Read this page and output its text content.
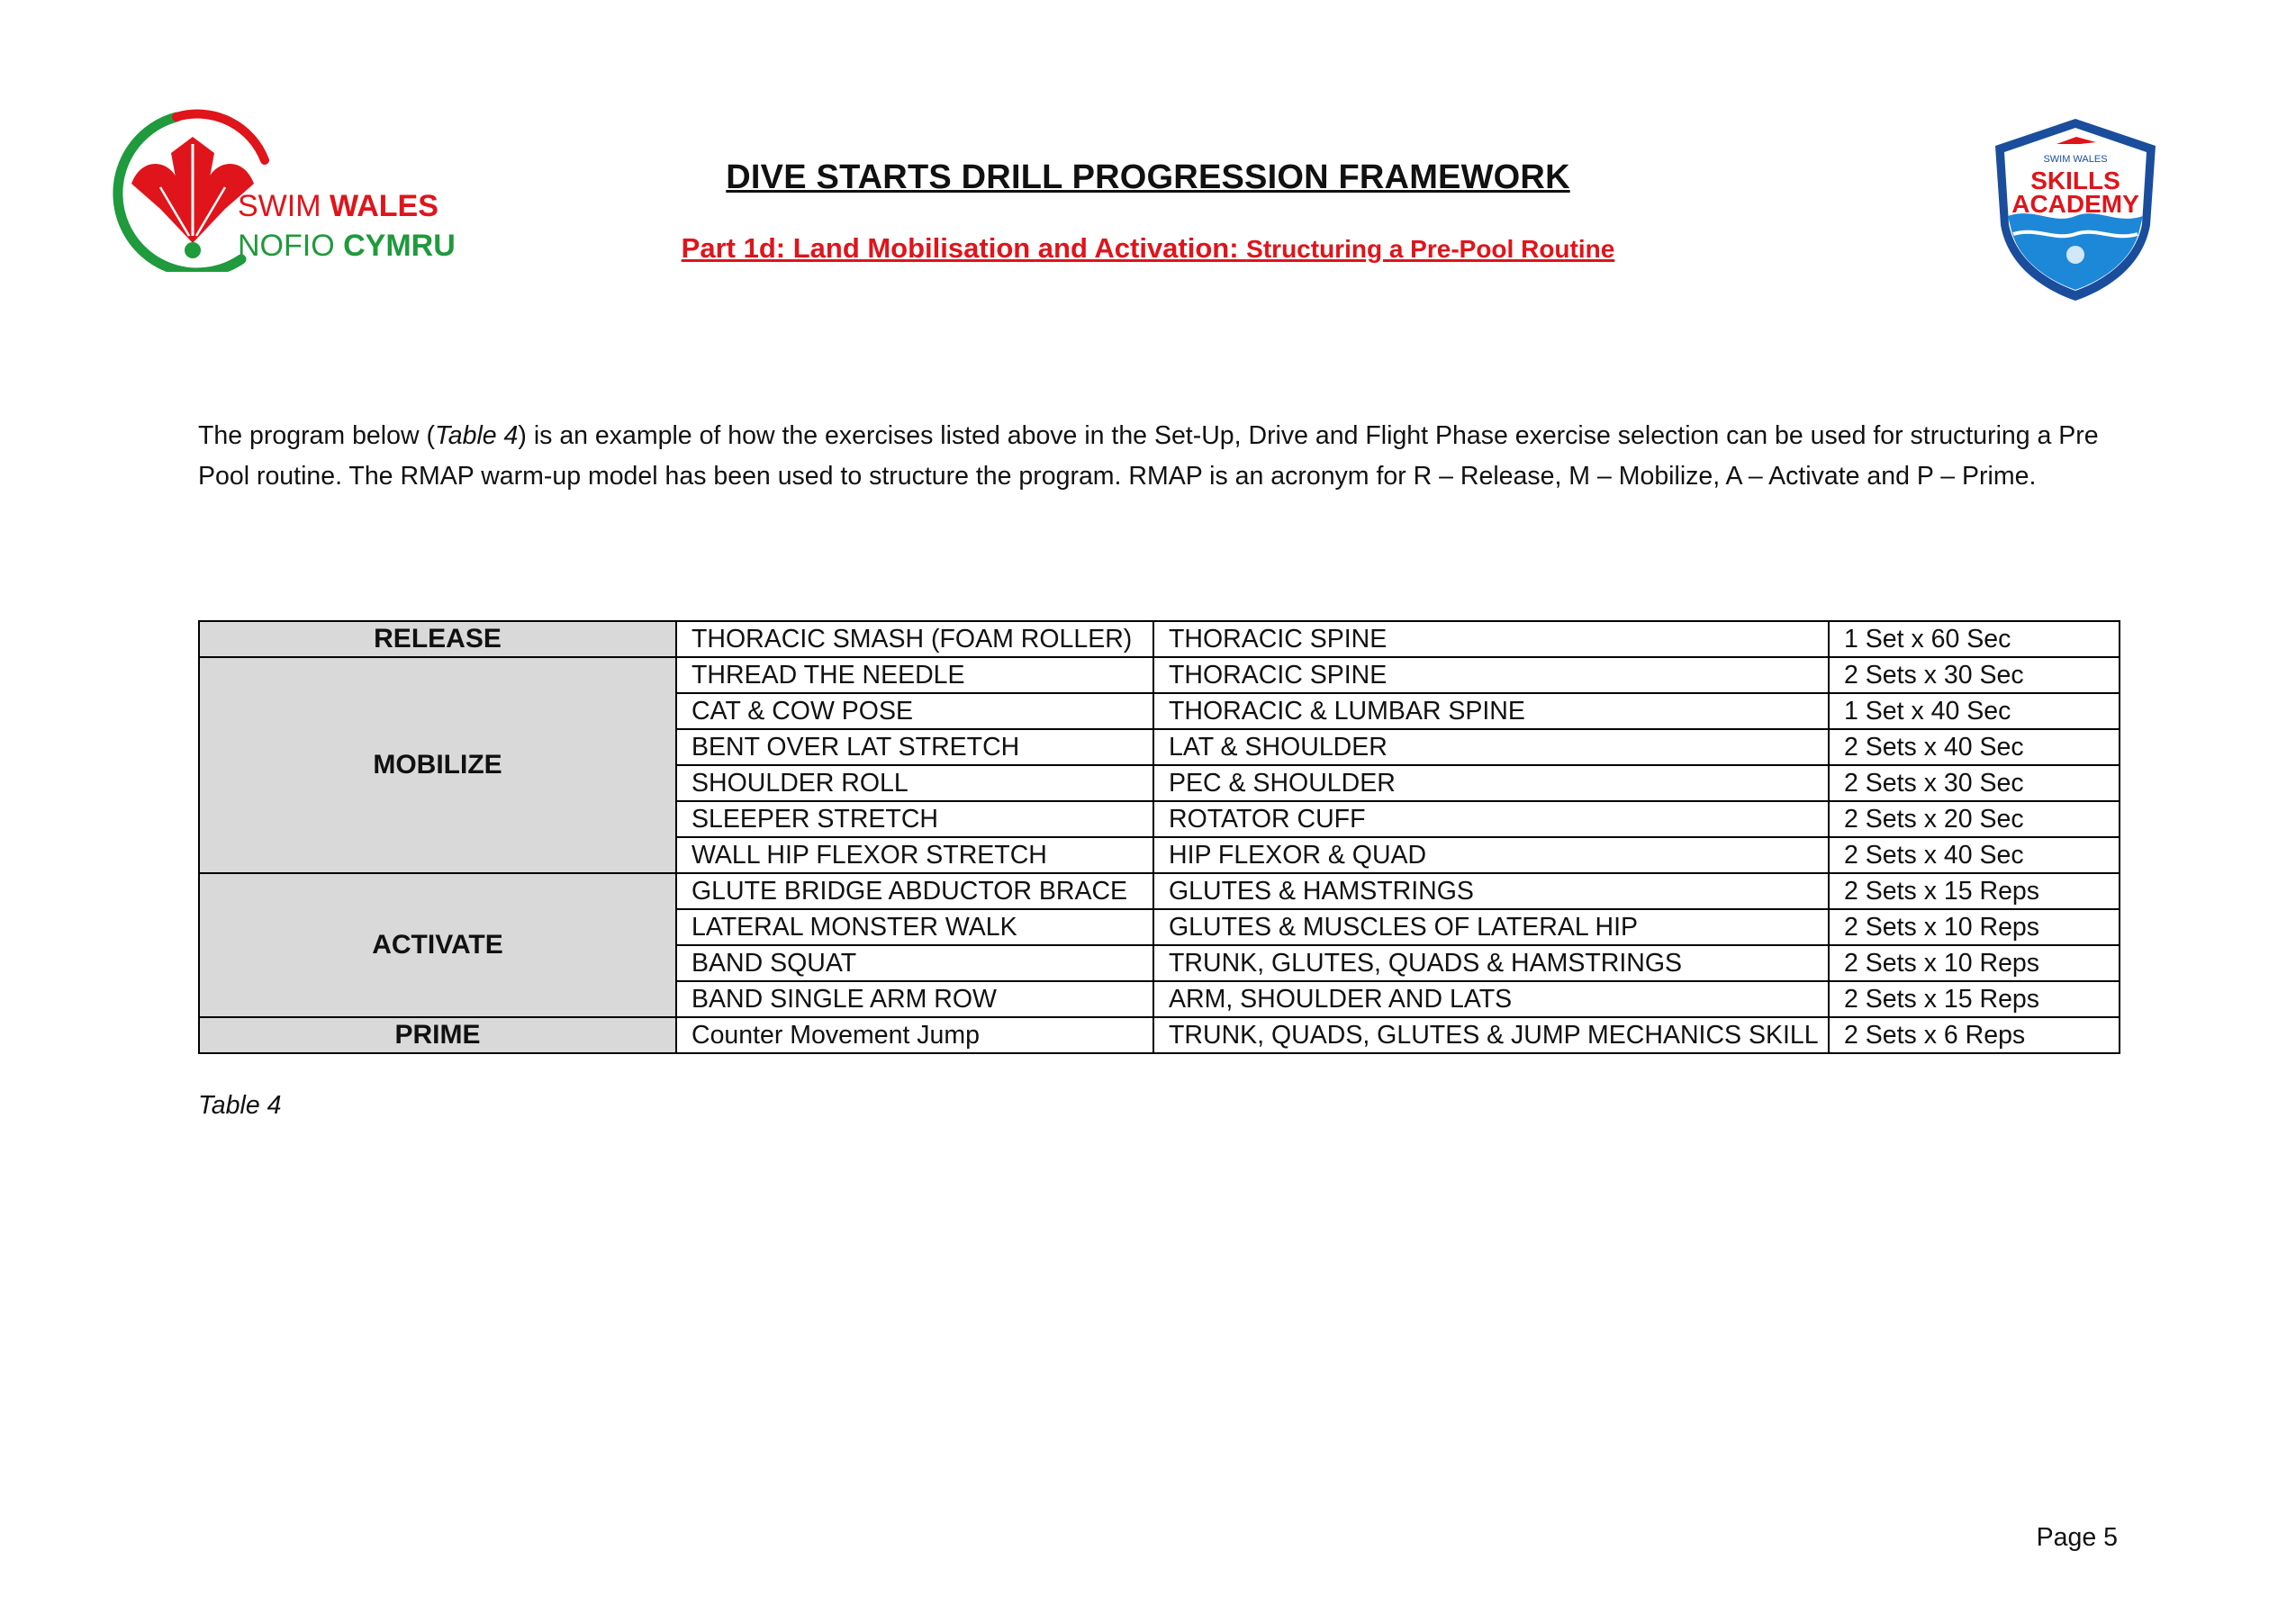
SWIM WALES
NOFIO CYMRU
DIVE STARTS DRILL PROGRESSION FRAMEWORK
Part 1d: Land Mobilisation and Activation: Structuring a Pre-Pool Routine
SWIM WALES
SKILLS
ACADEMY

The program below (Table 4) is an example of how the exercises listed above in the Set-Up, Drive and Flight Phase exercise selection can be used for structuring a Pre Pool routine. The RMAP warm-up model has been used to structure the program. RMAP is an acronym for R – Release, M – Mobilize, A – Activate and P – Prime.

RELEASE	THORACIC SMASH (FOAM ROLLER)	THORACIC SPINE	1 Set x 60 Sec
MOBILIZE	THREAD THE NEEDLE	THORACIC SPINE	2 Sets x 30 Sec
	CAT & COW POSE	THORACIC & LUMBAR SPINE	1 Set x 40 Sec
	BENT OVER LAT STRETCH	LAT & SHOULDER	2 Sets x 40 Sec
	SHOULDER ROLL	PEC & SHOULDER	2 Sets x 30 Sec
	SLEEPER STRETCH	ROTATOR CUFF	2 Sets x 20 Sec
	WALL HIP FLEXOR STRETCH	HIP FLEXOR & QUAD	2 Sets x 40 Sec
ACTIVATE	GLUTE BRIDGE ABDUCTOR BRACE	GLUTES & HAMSTRINGS	2 Sets x 15 Reps
	LATERAL MONSTER WALK	GLUTES & MUSCLES OF LATERAL HIP	2 Sets x 10 Reps
	BAND SQUAT	TRUNK, GLUTES, QUADS & HAMSTRINGS	2 Sets x 10 Reps
	BAND SINGLE ARM ROW	ARM, SHOULDER AND LATS	2 Sets x 15 Reps
PRIME	Counter Movement Jump	TRUNK, QUADS, GLUTES & JUMP MECHANICS SKILL	2 Sets x 6 Reps
Table 4
Page 5
